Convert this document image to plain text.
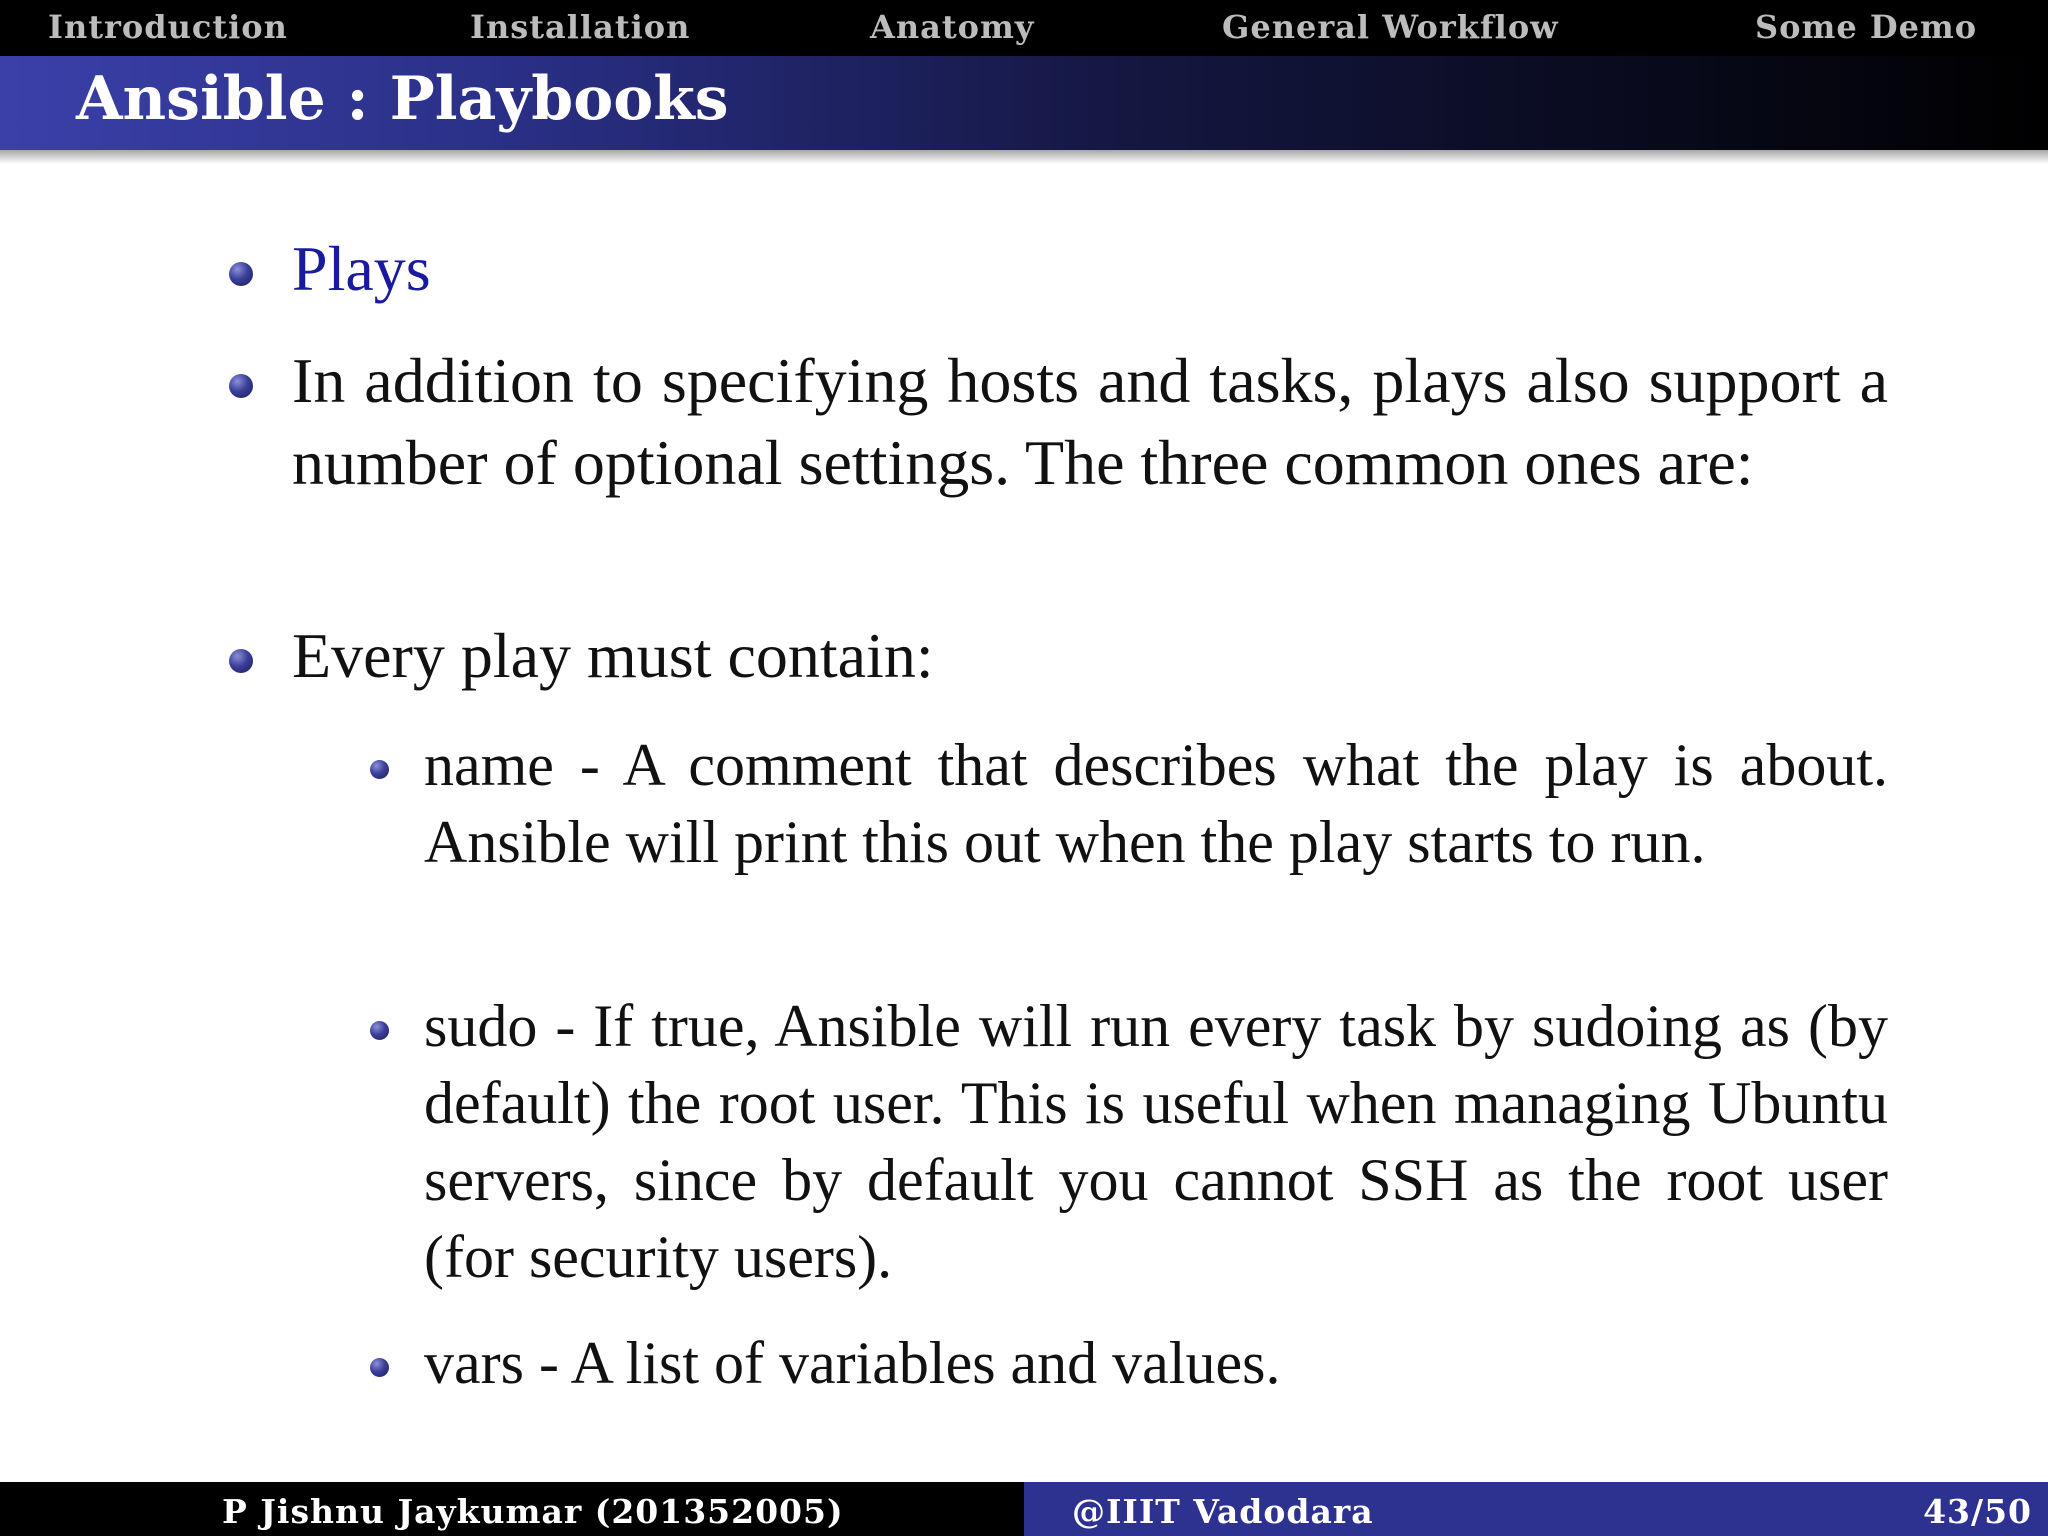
Introduction	Installation	Anatomy	General Workflow	Some Demo
Ansible : Playbooks
Plays
In addition to specifying hosts and tasks, plays also support a number of optional settings. The three common ones are:
Every play must contain:
name - A comment that describes what the play is about. Ansible will print this out when the play starts to run.
sudo - If true, Ansible will run every task by sudoing as (by default) the root user. This is useful when managing Ubuntu servers, since by default you cannot SSH as the root user (for security users).
vars - A list of variables and values.
P Jishnu Jaykumar (201352005)	@IIIT Vadodara	43/50
